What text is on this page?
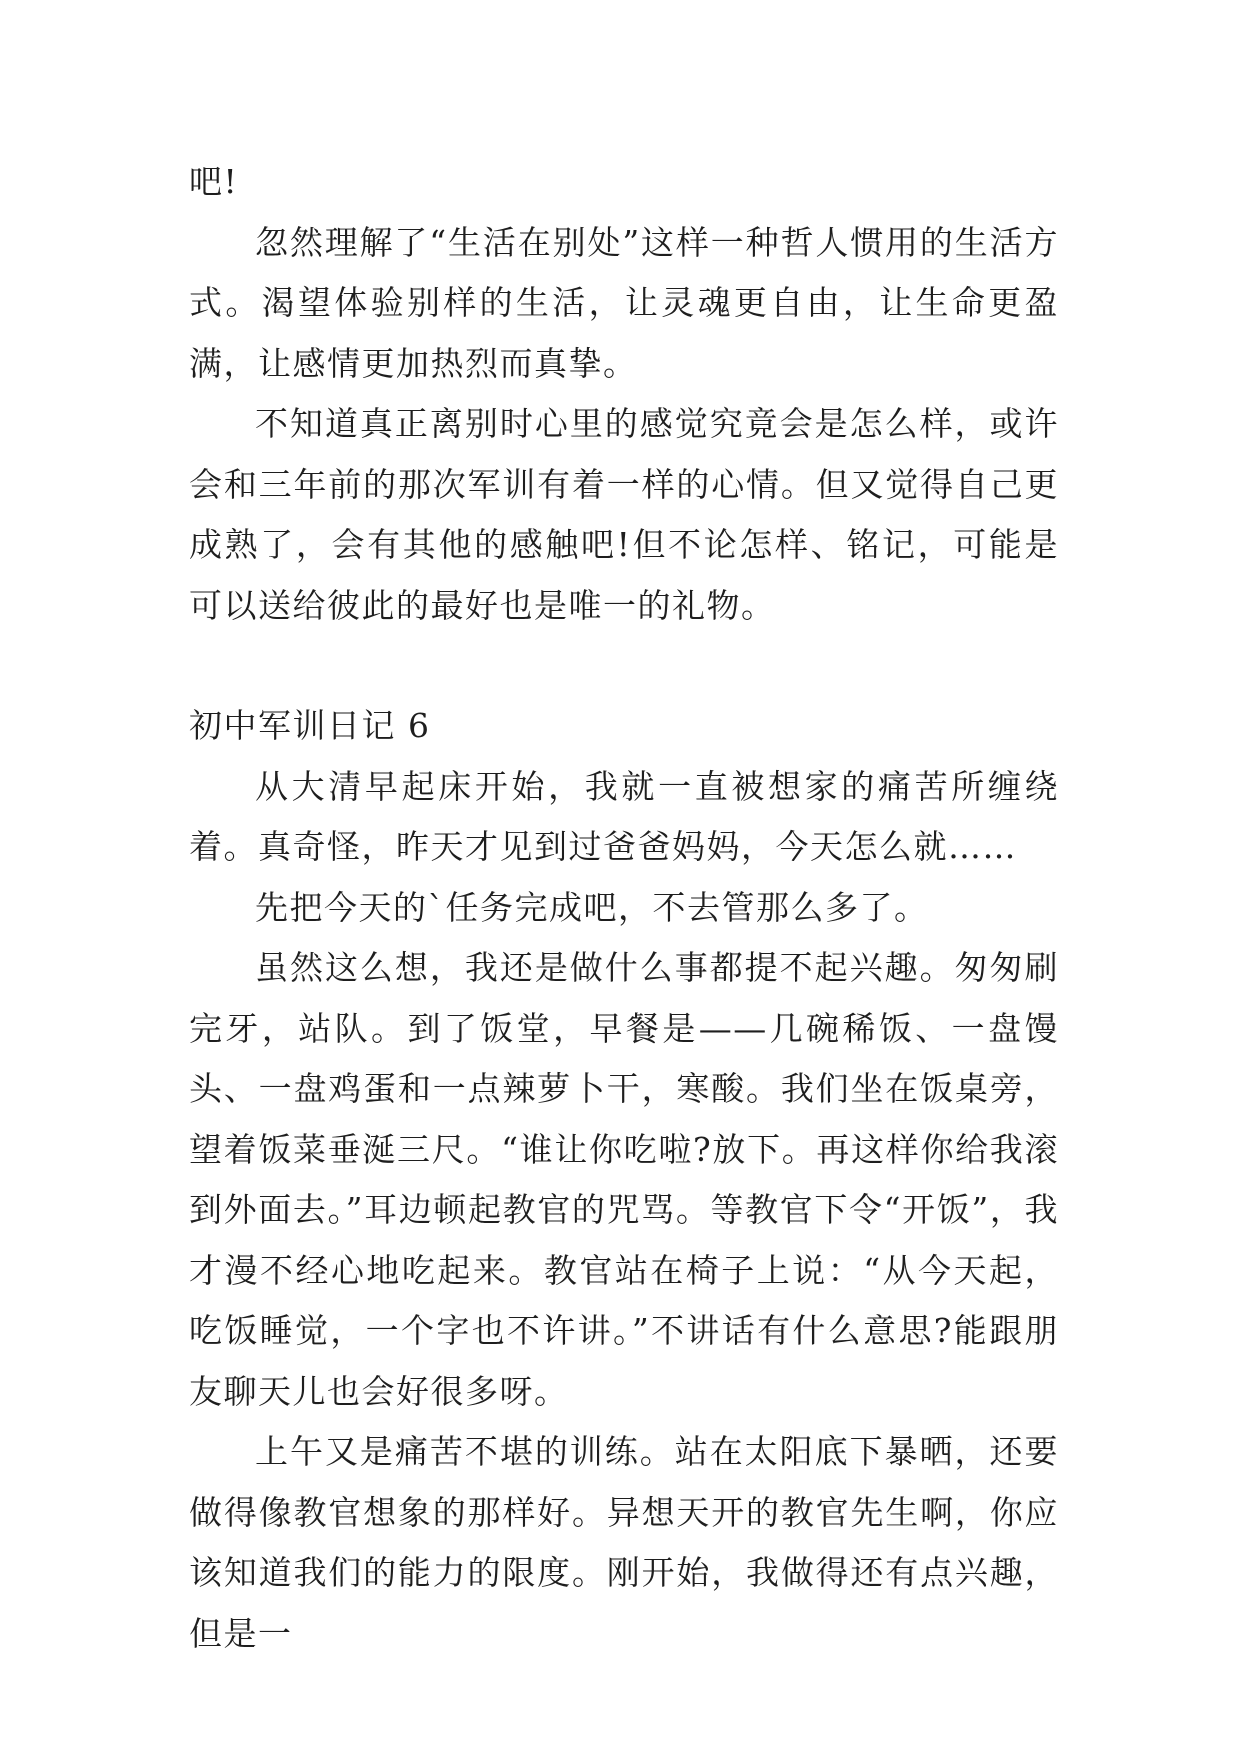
吧!

忽然理解了“生活在别处”这样一种哲人惯用的生活方式。渴望体验别样的生活，让灵魂更自由，让生命更盈满，让感情更加热烈而真挚。

不知道真正离别时心里的感觉究竟会是怎么样，或许会和三年前的那次军训有着一样的心情。但又觉得自己更成熟了，会有其他的感触吧!但不论怎样、铭记，可能是可以送给彼此的最好也是唯一的礼物。

初中军训日记 6

从大清早起床开始，我就一直被想家的痛苦所缠绕着。真奇怪，昨天才见到过爸爸妈妈，今天怎么就……

先把今天的`任务完成吧，不去管那么多了。

虽然这么想，我还是做什么事都提不起兴趣。匆匆刷完牙，站队。到了饭堂，早餐是——几碗稀饭、一盘馒头、一盘鸡蛋和一点辣萝卜干，寒酸。我们坐在饭桌旁，望着饭菜垂涎三尺。“谁让你吃啦?放下。再这样你给我滚到外面去。”耳边顿起教官的咒骂。等教官下令“开饭”，我才漫不经心地吃起来。教官站在椅子上说：“从今天起，吃饭睡觉，一个字也不许讲。”不讲话有什么意思?能跟朋友聊天儿也会好很多呀。

上午又是痛苦不堪的训练。站在太阳底下暴晒，还要做得像教官想象的那样好。异想天开的教官先生啊，你应该知道我们的能力的限度。刚开始，我做得还有点兴趣，但是一
